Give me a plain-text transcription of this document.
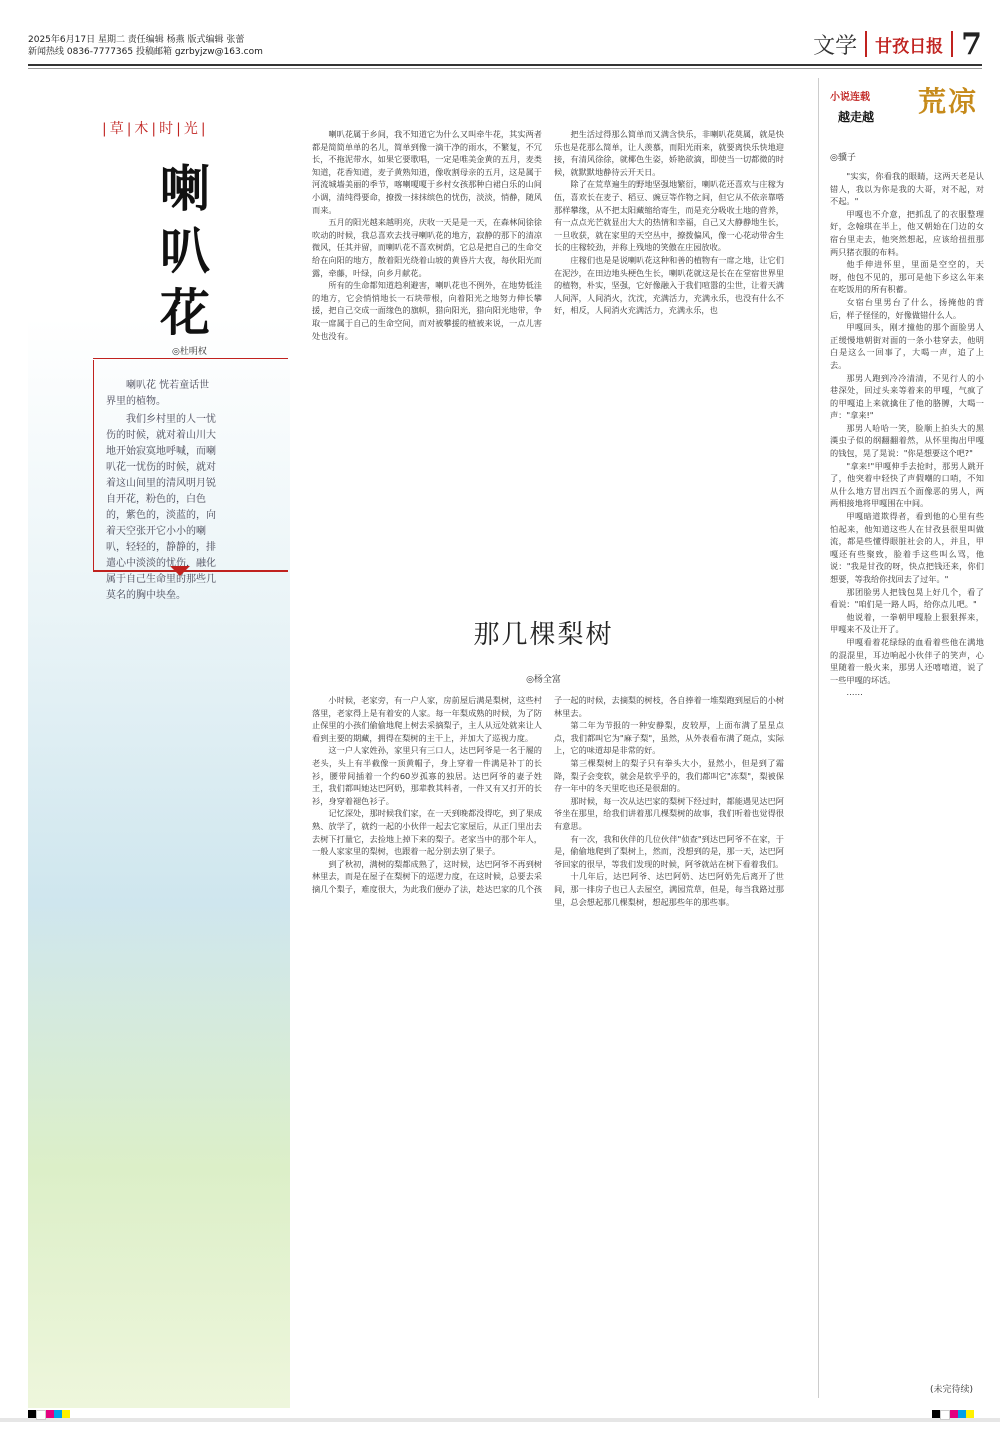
2025年6月17日 星期二 责任编辑 杨燕 版式编辑 张蕾
新闻热线 0836-7777365 投稿邮箱 gzrbyjzw@163.com	文学 甘孜日报 7
|草|木|时|光|
喇
叭
花
◎杜明权

喇叭花 恍若童话世界里的植物。

我们乡村里的人一忧伤的时候，就对着山川大地开始寂寞地呼喊，而喇叭花一忧伤的时候，就对着这山间里的清风明月锐自开花，粉色的，白色的，紫色的，淡蓝的，向着天空张开它小小的喇叭，轻轻的，静静的，排遣心中淡淡的忧伤，融化属于自己生命里的那些几莫名的胸中块垒。

喇叭花属于乡间，我不知道它为什么又叫牵牛花，其实两者都是简简单单的名儿，简单到像一滴干净的雨水，不繁复，不冗长，不拖泥带水，如果它要歌唱，一定是唯美金黄的五月，麦类知道，花香知道，麦子黄熟知道，像收割母亲的五月，这是属于河流城墙美丽的季节，喀喇嗄嗄于乡村女孩那种白裙白乐的山间小调，清纯得要命，撩拨一抹抹缤色的忧伤，淡淡，悄静，随风而来。

五月的阳光越来越明亮，庆收一天是是一天，在森林间徐徐吹动的时候，我总喜欢去找寻喇叭花的地方，寂静的那下的清凉微风，任其并留，而喇叭花不喜欢树荫，它总是把自己的生命交给在向阳的地方，散着阳光绕着山坡的黄昏片大夜，每伙阳光而露，牵藤，叶绿，向乡月献花。

所有的生命都知道趋利避害，喇叭花也不例外，在地势低洼的地方，它会悄悄地长一石块带根，向着阳光之地努力伸长攀援，把自己交成一面缘色的旗帜，猎向阳光，猎向阳光地带，争取一席属于自己的生命空间，而对被攀援的植被来说，一点儿害处也没有。

把生活过得那么简单而又满含快乐，非喇叭花莫属，就是快乐也是花那么简单，让人羡慕，而阳光雨来，就要离快乐快地迎接，有清风徐徐，就椰色生姿，娇艳欲滴，即使当一切都微的时候，就默默地静待云开天日。

除了在荒草遍生的野地坚强地繁衍，喇叭花还喜欢与庄稼为伍，喜欢长在麦子、稻豆、豌豆等作物之间，但它从不依亲靠嗒那样攀缘，从不把太阳藏缩给寄生，而是充分吸收土地的营养，有一点点光芒就显出大大的热情和幸福，自己又大静静地生长，一旦收获，就在家里的天空丛中，撩拨偏风，像一心花动带舍生长的庄稼较劲，并称上残地的笑傲在庄园放收。

庄稼们也是是说喇叭花这种和善的植物有一席之地，让它们在泥沙，在田边地头梗色生长，喇叭花就这是长在在堂宿世界里的植物，朴实，坚强，它好像融入于我们喧嚣的尘世，让着天满人间浑，人间消火，沈沈，充满活力，充满永乐，也没有什么不好，相反，人间消火充满活力，充满永乐，也

那几棵梨树
◎杨全富

小时候，老家旁，有一户人家，房前屋后满是梨树，这些村落里，老家得上是有着安的人家。每一年梨成熟的时候，为了防止保里的小孩们偷偷地爬上树去采摘梨子，主人从远处就来让人看到主要的期藏，拥得在梨树的主干上，并加大了巡视力度。

这一户人家姓孙，家里只有三口人，达巴阿爷是一名于履的老头，头上有半截像一顶黄帽子，身上穿着一件满是补丁的长衫，腰带间插着一个约60岁孤寡的独居。达巴阿爷的妻子姓王，我们都叫她达巴阿奶，那辈教其料者，一件又有又打开的长衫，身穿着褪色衫子。

记忆深处，那时候我们家，在一天到晚都没得吃，到了果成熟、放学了，就约一起的小伙伴一起去它家屋后，从正门里出去去树下打量它，去捡地上掉下来的梨子。老家当中的那个年人，一般人家家里的梨树，也跟着一起分别去别了果子。

到了秋初，满树的梨都成熟了，这时候，达巴阿爷不再到树林里去，而是在屋子在梨树下的巡逻力度，在这时候，总要去采摘几个梨子，难度很大，为此我们便办了法，趁达巴家的几个孩子一起的时候，去摘梨的树枝，各自捧着一堆梨跑到屋后的小树林里去。

第二年为节报的一种安静梨，皮较厚，上面布满了星星点点，我们都叫它为"麻子梨"，虽然，从外表看布满了斑点，实际上，它的味道却是非常的好。

第三棵梨树上的梨子只有拳头大小，显然小，但是到了霜降，梨子会变软，就会是软乎乎的，我们都叫它"冻梨"，梨被保存一年中的冬天里吃也还是很甜的。

那时候，每一次从达巴家的梨树下经过时，都能遇见达巴阿爷坐在那里，给我们讲着那几棵梨树的故事，我们听着也觉得很有意思。

有一次，我和伙伴的几位伙伴"侦查"到达巴阿爷不在家，于是，偷偷地爬到了梨树上，然而，没想到的是，那一天，达巴阿爷回家的很早，等我们发现的时候，阿爷就站在树下看着我们。

十几年后，达巴阿爷、达巴阿奶、达巴阿奶先后离开了世间，那一排房子也已人去屋空，满园荒草，但是，每当我路过那里，总会想起那几棵梨树，想起那些年的那些事。

小说连载
越走越 荒凉
◎骥子

"实实，你看我的眼睛，这两天老是认错人，我以为你是我的大哥，对不起，对不起。"

甲嘎也不介意，把抓乱了的衣服整理好，念翰琪在半上，他又朝始在门边的女宿台里走去，他突然想起，应该给扭扭那两只猪衣服的布料。

他手伸进怀里，里面是空空的，天呀，他包不见的，那可是他下乡这么年来在吃饭用的所有积蓄。

女宿台里男台了什么，扬掩他的背后，样子怪怪的，好像做错什么人。

甲嘎回头，刚才撞他的那个面脸男人正缓慢地朝街对面的一条小巷穿去，他明白是这么一回事了，大喝一声，追了上去。

那男人跑到冷冷清清，不见行人的小巷深处，回过头来等着来的甲嘎，气疯了的甲嘎追上来就擒住了他的胳膊，大喝一声："拿来!"

那男人哈哈一笑，脸顺上拍头大的黑漢虫子似的纲翻翻着然，从怀里掏出甲嘎的钱包，晃了晃说："你是想要这个吧?"

"拿来!"甲嘎伸手去抢时，那男人跳开了，他突着中轻快了声假嘲的口哨，不知从什么地方冒出四五个面像恶的男人，两两相接地将甲嘎围在中间。

甲嘎暗道欺得者，看到他的心里有些怕起来，他知道这些人在甘孜县很里叫做流，都是些懂得眼脏社会的人，并且，甲嘎还有些聚致，脸着手这些叫么骂，他说："我是甘孜的呀，快点把钱还来，你们想要，等我给你找回去了过年。"

那团脸男人把钱包晃上好几个，看了看说："咱们是一路人吗，给你点儿吧。"

他说着，一拳朝甲嘎脸上狠狠挥来，甲嘎来不及让开了。

甲嘎看着花绿绿的血看着些他在满地的混混里，耳边响起小伙伴子的笑声，心里随着一般火来，那男人还嘻嘻道，说了一些甲嘎的坏话。

……

(未完待续)
